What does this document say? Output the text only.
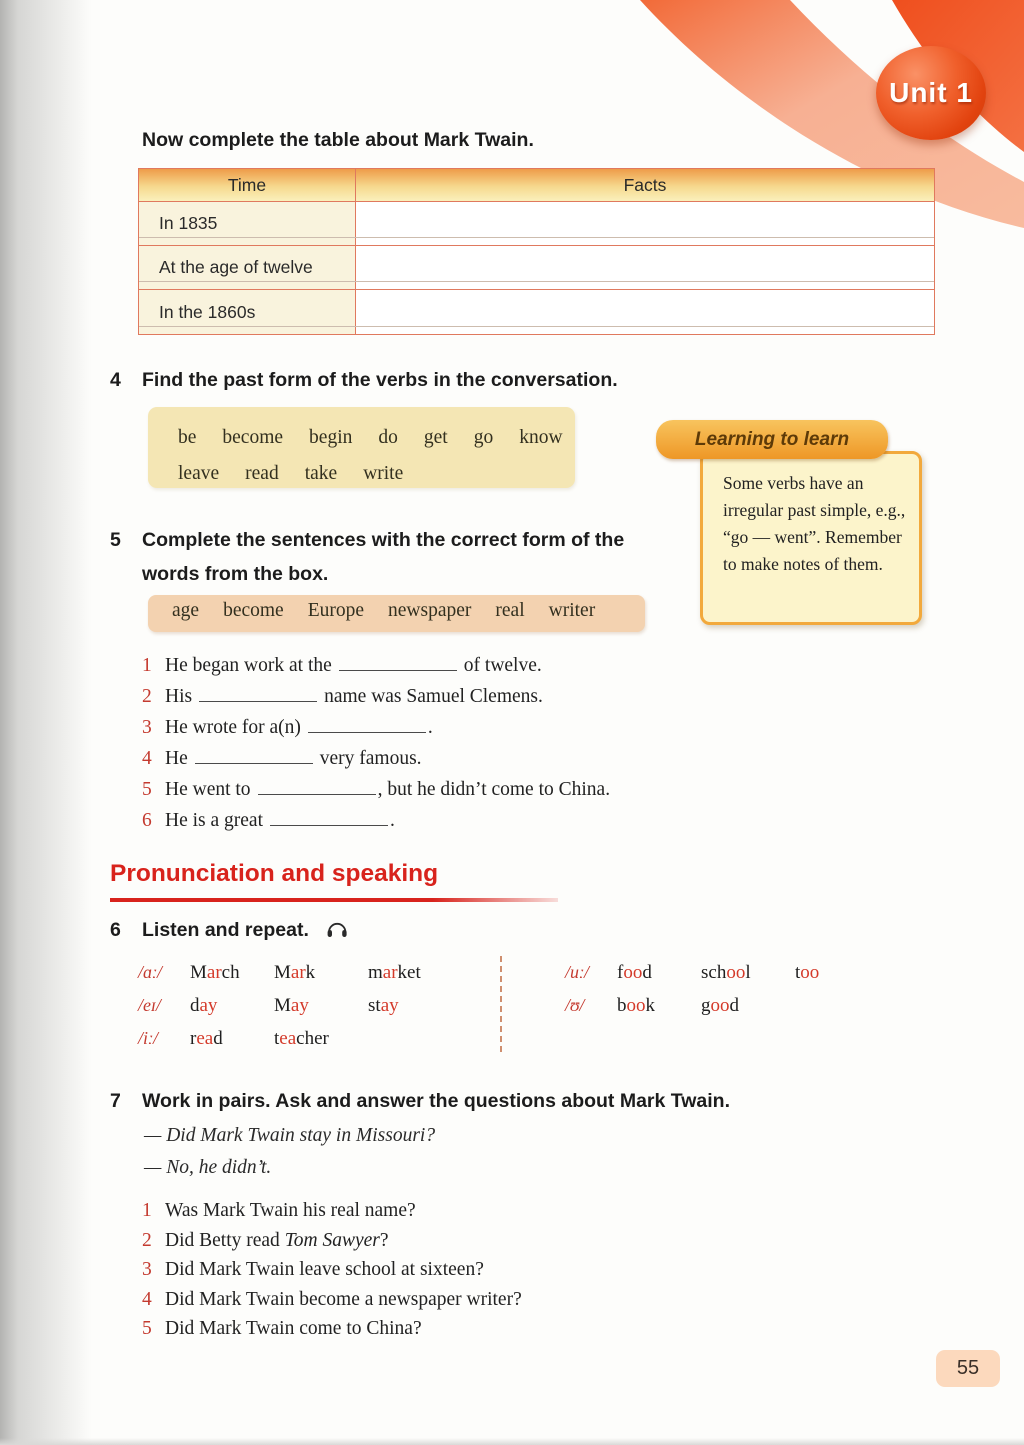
Unit 1
Now complete the table about Mark Twain.
Time	Facts
In 1835
At the age of twelve
In the 1860s
4	Find the past form of the verbs in the conversation.
be become begin do get go know
leave read take write	Some verbs have an irregular past simple, e.g., “go — went”. Remember to make notes of them.
Learning to learn
5	Complete the sentences with the correct form of the words from the box.
age become Europe newspaper real writer
1 He began work at the	of twelve.
2 His	name was Samuel Clemens.
3 He wrote for a(n)	.
4 He	very famous.
5 He went to	, but he didn’t come to China.
6 He is a great	.
Pronunciation and speaking
6	Listen and repeat.
/ɑː/	March	Mark	market
/eɪ/	day	May	stay
/iː/	read	teacher
/uː/	food	school	too
/ʊ/	book	good
7	Work in pairs. Ask and answer the questions about Mark Twain.
— Did Mark Twain stay in Missouri?
— No, he didn’t.
1 Was Mark Twain his real name?
2 Did Betty read Tom Sawyer?
3 Did Mark Twain leave school at sixteen?
4 Did Mark Twain become a newspaper writer?
5 Did Mark Twain come to China?
55
